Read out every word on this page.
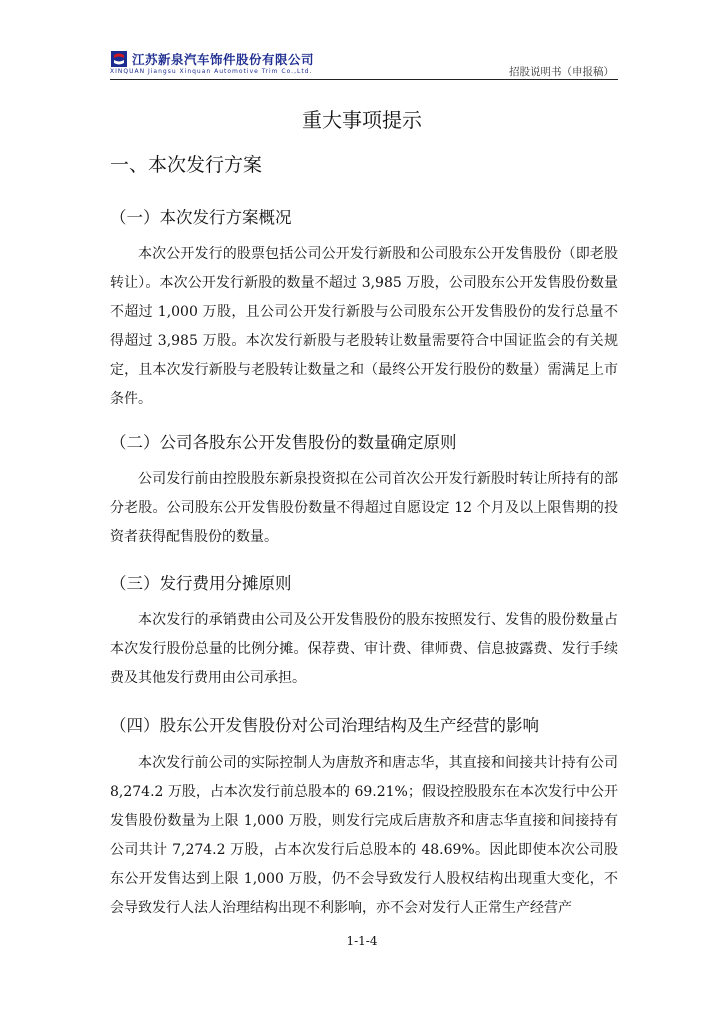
江苏新泉汽车饰件股份有限公司
XINQUAN Jiangsu Xinquan Automotive Trim Co.,Ltd.	招股说明书（申报稿）
重大事项提示
一、本次发行方案
（一）本次发行方案概况

本次公开发行的股票包括公司公开发行新股和公司股东公开发售股份（即老股转让）。本次公开发行新股的数量不超过 3,985 万股，公司股东公开发售股份数量不超过 1,000 万股，且公司公开发行新股与公司股东公开发售股份的发行总量不得超过 3,985 万股。本次发行新股与老股转让数量需要符合中国证监会的有关规定，且本次发行新股与老股转让数量之和（最终公开发行股份的数量）需满足上市条件。

（二）公司各股东公开发售股份的数量确定原则

公司发行前由控股股东新泉投资拟在公司首次公开发行新股时转让所持有的部分老股。公司股东公开发售股份数量不得超过自愿设定 12 个月及以上限售期的投资者获得配售股份的数量。

（三）发行费用分摊原则

本次发行的承销费由公司及公开发售股份的股东按照发行、发售的股份数量占本次发行股份总量的比例分摊。保荐费、审计费、律师费、信息披露费、发行手续费及其他发行费用由公司承担。

（四）股东公开发售股份对公司治理结构及生产经营的影响

本次发行前公司的实际控制人为唐敖齐和唐志华，其直接和间接共计持有公司 8,274.2 万股，占本次发行前总股本的 69.21%；假设控股股东在本次发行中公开发售股份数量为上限 1,000 万股，则发行完成后唐敖齐和唐志华直接和间接持有公司共计 7,274.2 万股，占本次发行后总股本的 48.69%。因此即使本次公司股东公开发售达到上限 1,000 万股，仍不会导致发行人股权结构出现重大变化，不会导致发行人法人治理结构出现不利影响，亦不会对发行人正常生产经营产

1-1-4
